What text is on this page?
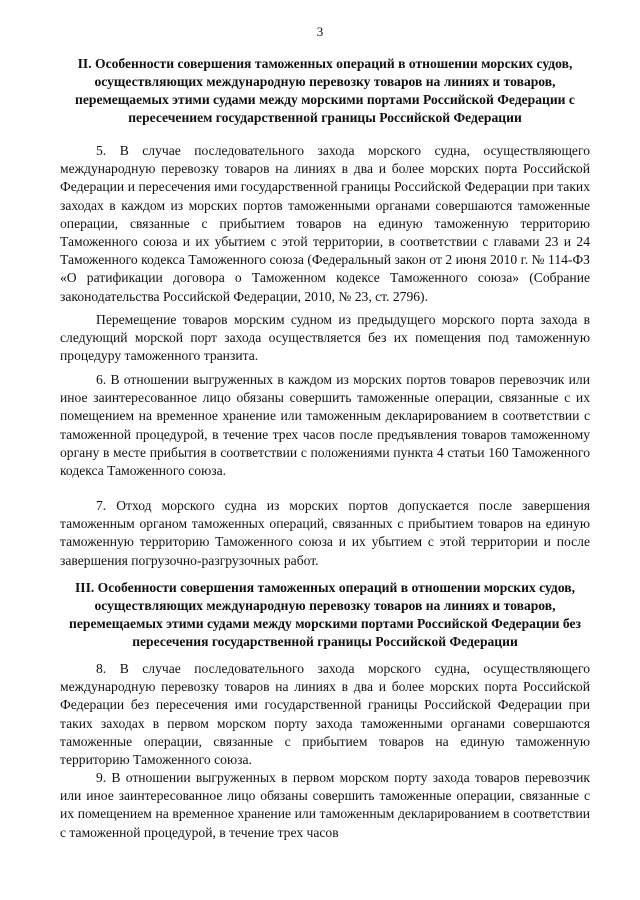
3

II. Особенности совершения таможенных операций в отношении морских судов, осуществляющих международную перевозку товаров на линиях и товаров, перемещаемых этими судами между морскими портами Российской Федерации с пересечением государственной границы Российской Федерации

5. В случае последовательного захода морского судна, осуществляющего международную перевозку товаров на линиях в два и более морских порта Российской Федерации и пересечения ими государственной границы Российской Федерации при таких заходах в каждом из морских портов таможенными органами совершаются таможенные операции, связанные с прибытием товаров на единую таможенную территорию Таможенного союза и их убытием с этой территории, в соответствии с главами 23 и 24 Таможенного кодекса Таможенного союза (Федеральный закон от 2 июня 2010 г. № 114-ФЗ «О ратификации договора о Таможенном кодексе Таможенного союза» (Собрание законодательства Российской Федерации, 2010, № 23, ст. 2796).

Перемещение товаров морским судном из предыдущего морского порта захода в следующий морской порт захода осуществляется без их помещения под таможенную процедуру таможенного транзита.

6. В отношении выгруженных в каждом из морских портов товаров перевозчик или иное заинтересованное лицо обязаны совершить таможенные операции, связанные с их помещением на временное хранение или таможенным декларированием в соответствии с таможенной процедурой, в течение трех часов после предъявления товаров таможенному органу в месте прибытия в соответствии с положениями пункта 4 статьи 160 Таможенного кодекса Таможенного союза.

7. Отход морского судна из морских портов допускается после завершения таможенным органом таможенных операций, связанных с прибытием товаров на единую таможенную территорию Таможенного союза и их убытием с этой территории и после завершения погрузочно-разгрузочных работ.

III. Особенности совершения таможенных операций в отношении морских судов, осуществляющих международную перевозку товаров на линиях и товаров, перемещаемых этими судами между морскими портами Российской Федерации без пересечения государственной границы Российской Федерации

8. В случае последовательного захода морского судна, осуществляющего международную перевозку товаров на линиях в два и более морских порта Российской Федерации без пересечения ими государственной границы Российской Федерации при таких заходах в первом морском порту захода таможенными органами совершаются таможенные операции, связанные с прибытием товаров на единую таможенную территорию Таможенного союза.

9. В отношении выгруженных в первом морском порту захода товаров перевозчик или иное заинтересованное лицо обязаны совершить таможенные операции, связанные с их помещением на временное хранение или таможенным декларированием в соответствии с таможенной процедурой, в течение трех часов
